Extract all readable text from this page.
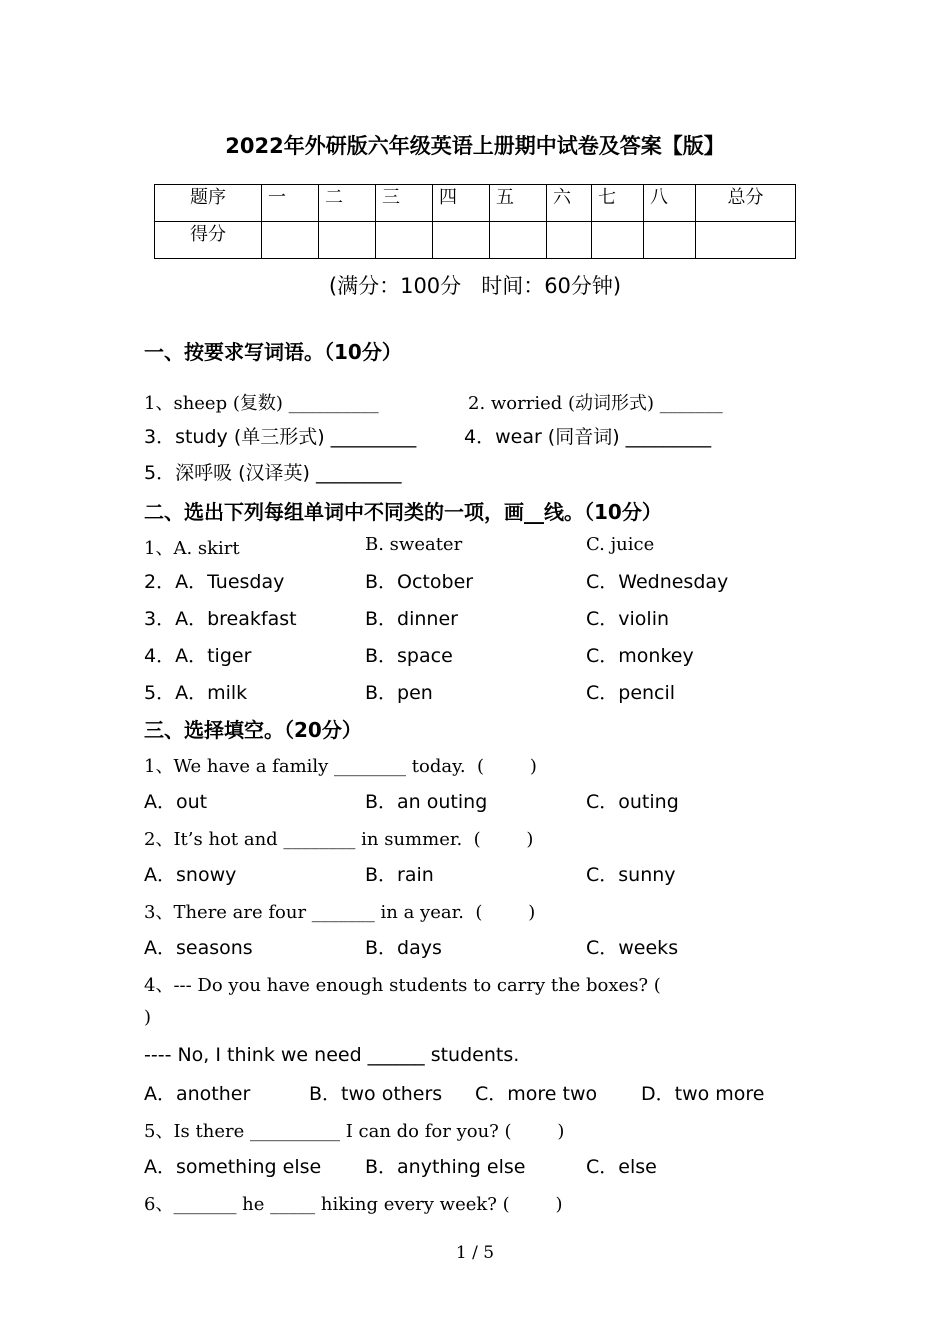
2022年外研版六年级英语上册期中试卷及答案【版】
题序	一	二	三	四	五	六	七	八	总分
得分									
(满分：100分   时间：60分钟)
一、按要求写词语。（10分）
1、sheep (复数) __________	2. worried (动词形式) _______
3．study (单三形式) _________	4．wear (同音词) _________
5．深呼吸 (汉译英) _________
二、选出下列每组单词中不同类的一项，画__线。（10分）
1、A. skirt	B. sweater	C. juice
2．A．Tuesday	B．October	C．Wednesday
3．A．breakfast	B．dinner	C．violin
4．A．tiger	B．space	C．monkey
5．A．milk	B．pen	C．pencil
三、选择填空。（20分）
1、We have a family ________ today.  (        )
A．out	B．an outing	C．outing
2、It’s hot and ________ in summer.  (        )
A．snowy	B．rain	C．sunny
3、There are four _______ in a year.  (        )
A．seasons	B．days	C．weeks
4、--- Do you have enough students to carry the boxes? (
)
---- No, I think we need ______ students.
A．another	B．two others C．more two D．two more
5、Is there __________ I can do for you? (        )
A．something else B．anything else	C．else
6、_______ he _____ hiking every week? (        )
1 / 5
